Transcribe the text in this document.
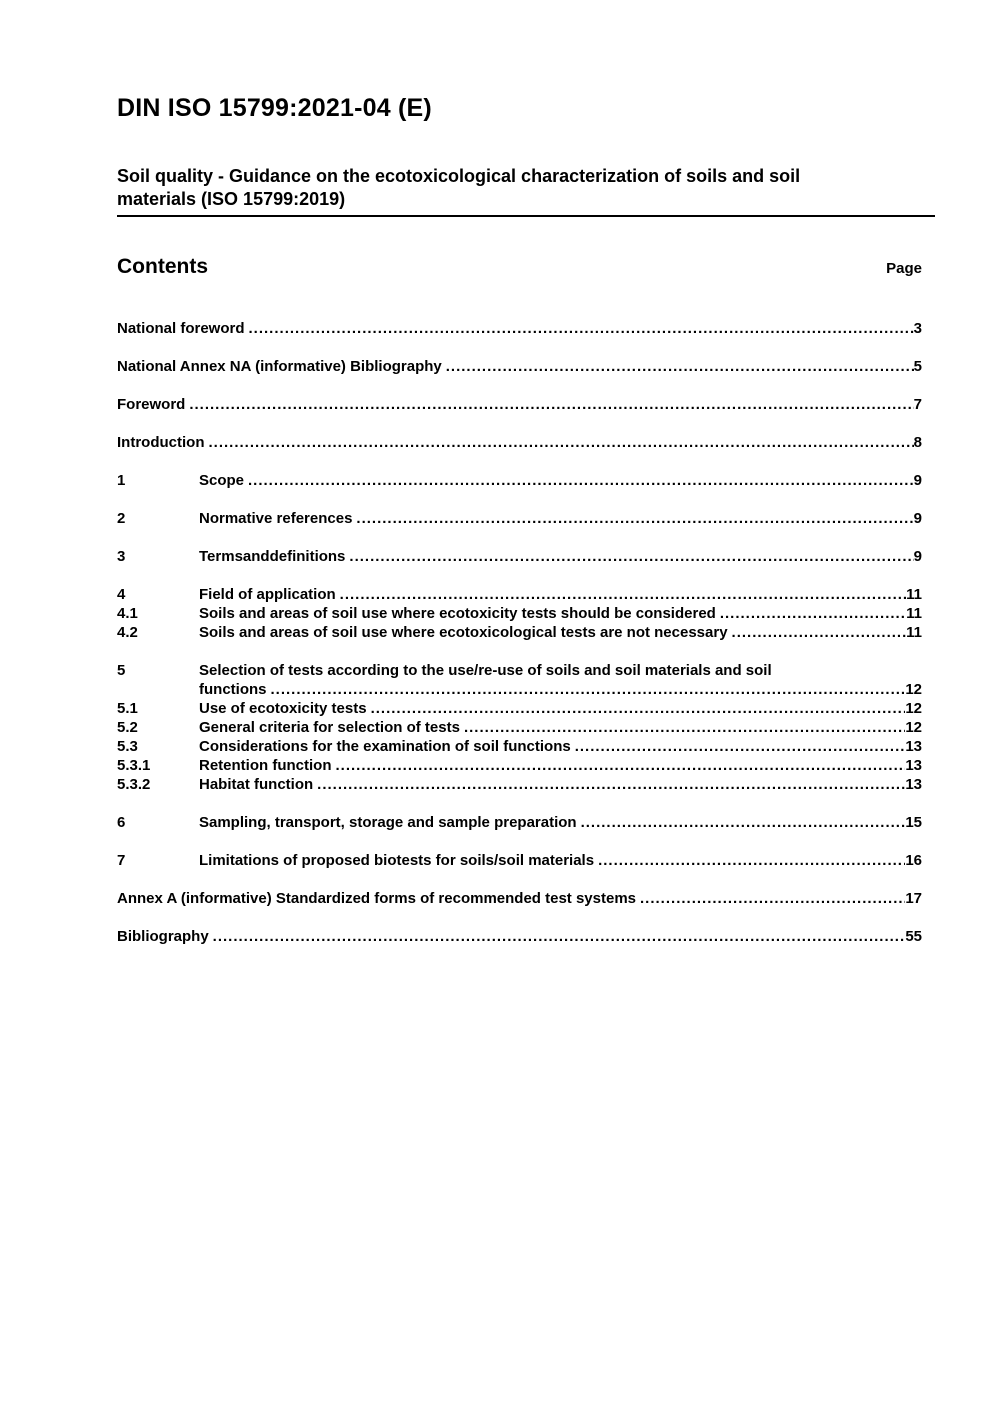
DIN ISO 15799:2021-04 (E)
Soil quality - Guidance on the ecotoxicological characterization of soils and soil
materials (ISO 15799:2019)
Contents	Page
National foreword .....	3
National Annex NA (informative) Bibliography .....	5
Foreword .....	7
Introduction .....	8
1	Scope .....	9
2	Normative references .....	9
3	Termsanddefinitions .....	9
4	Field of application .....	11
4.1	Soils and areas of soil use where ecotoxicity tests should be considered .....	11
4.2	Soils and areas of soil use where ecotoxicological tests are not necessary .....	11
5	Selection of tests according to the use/re-use of soils and soil materials and soil
functions .....	12
5.1	Use of ecotoxicity tests .....	12
5.2	General criteria for selection of tests .....	12
5.3	Considerations for the examination of soil functions .....	13
5.3.1	Retention function .....	13
5.3.2	Habitat function .....	13
6	Sampling, transport, storage and sample preparation .....	15
7	Limitations of proposed biotests for soils/soil materials .....	16
Annex A (informative) Standardized forms of recommended test systems .....	17
Bibliography .....	55
